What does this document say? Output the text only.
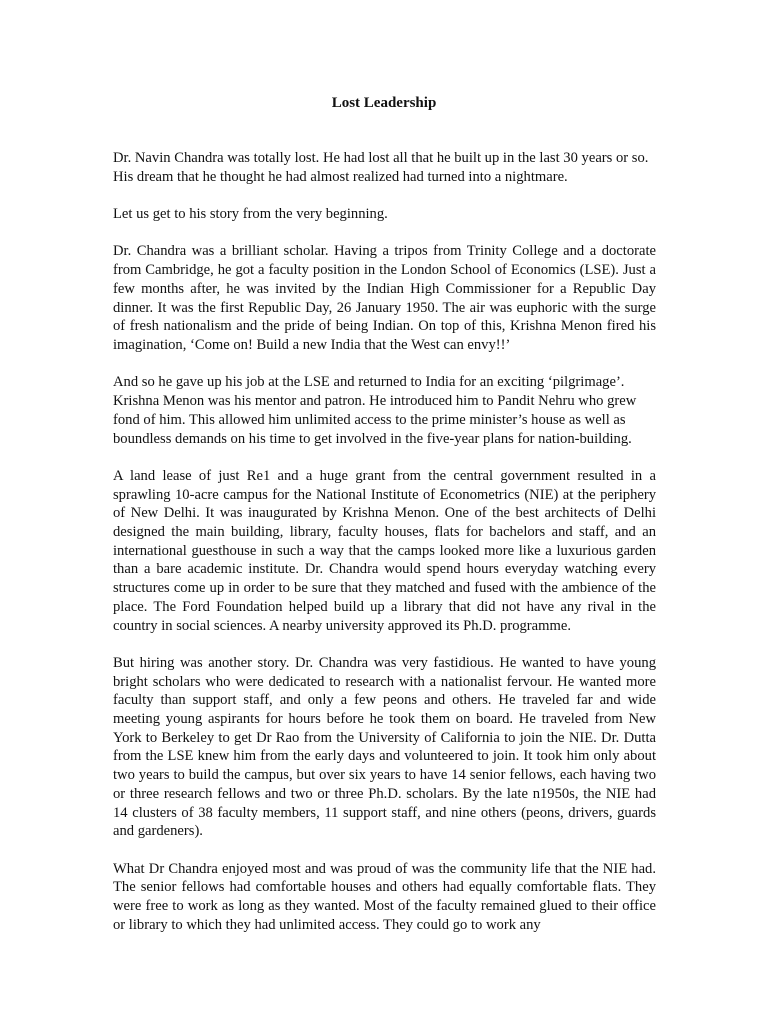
Lost Leadership

Dr. Navin Chandra was totally lost. He had lost all that he built up in the last 30 years or so. His dream that he thought he had almost realized had turned into a nightmare.

Let us get to his story from the very beginning.

Dr. Chandra was a brilliant scholar. Having a tripos from Trinity College and a doctorate from Cambridge, he got a faculty position in the London School of Economics (LSE). Just a few months after, he was invited by the Indian High Commissioner for a Republic Day dinner. It was the first Republic Day, 26 January 1950. The air was euphoric with the surge of fresh nationalism and the pride of being Indian. On top of this, Krishna Menon fired his imagination, ‘Come on! Build a new India that the West can envy!!’

And so he gave up his job at the LSE and returned to India for an exciting ‘pilgrimage’. Krishna Menon was his mentor and patron. He introduced him to Pandit Nehru who grew fond of him. This allowed him unlimited access to the prime minister’s house as well as boundless demands on his time to get involved in the five-year plans for nation-building.

A land lease of just Re1 and a huge grant from the central government resulted in a sprawling 10-acre campus for the National Institute of Econometrics (NIE) at the periphery of New Delhi. It was inaugurated by Krishna Menon. One of the best architects of Delhi designed the main building, library, faculty houses, flats for bachelors and staff, and an international guesthouse in such a way that the camps looked more like a luxurious garden than a bare academic institute. Dr. Chandra would spend hours everyday watching every structures come up in order to be sure that they matched and fused with the ambience of the place. The Ford Foundation helped build up a library that did not have any rival in the country in social sciences. A nearby university approved its Ph.D. programme.

But hiring was another story. Dr. Chandra was very fastidious. He wanted to have young bright scholars who were dedicated to research with a nationalist fervour. He wanted more faculty than support staff, and only a few peons and others. He traveled far and wide meeting young aspirants for hours before he took them on board. He traveled from New York to Berkeley to get Dr Rao from the University of California to join the NIE. Dr. Dutta from the LSE knew him from the early days and volunteered to join. It took him only about two years to build the campus, but over six years to have 14 senior fellows, each having two or three research fellows and two or three Ph.D. scholars. By the late n1950s, the NIE had 14 clusters of 38 faculty members, 11 support staff, and nine others (peons, drivers, guards and gardeners).

What Dr Chandra enjoyed most and was proud of was the community life that the NIE had. The senior fellows had comfortable houses and others had equally comfortable flats. They were free to work as long as they wanted. Most of the faculty remained glued to their office or library to which they had unlimited access. They could go to work any
